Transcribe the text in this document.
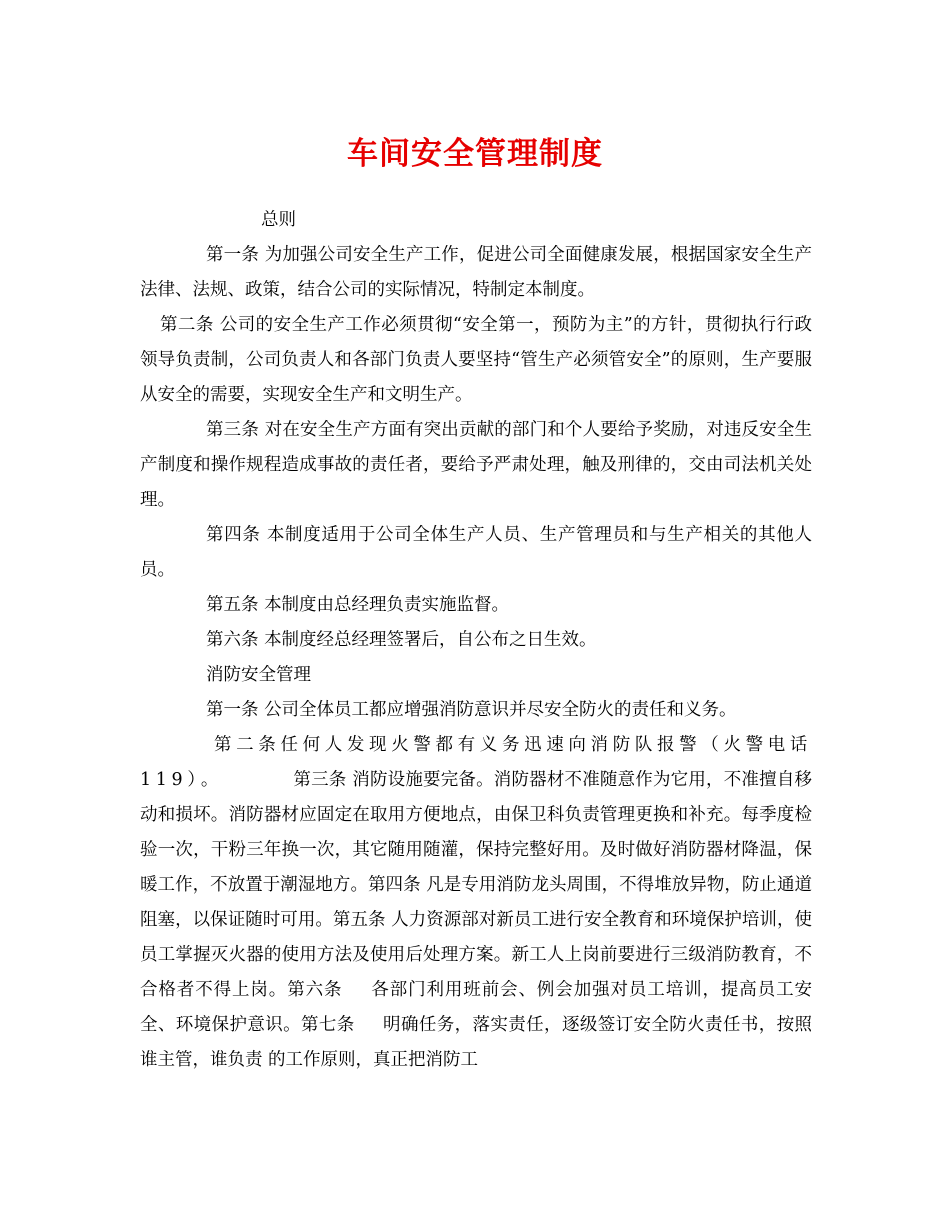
车间安全管理制度

总则

第一条 为加强公司安全生产工作，促进公司全面健康发展，根据国家安全生产法律、法规、政策，结合公司的实际情况，特制定本制度。

第二条 公司的安全生产工作必须贯彻“安全第一，预防为主”的方针，贯彻执行行政领导负责制，公司负责人和各部门负责人要坚持“管生产必须管安全”的原则，生产要服从安全的需要，实现安全生产和文明生产。

第三条 对在安全生产方面有突出贡献的部门和个人要给予奖励，对违反安全生产制度和操作规程造成事故的责任者，要给予严肃处理，触及刑律的，交由司法机关处理。

第四条 本制度适用于公司全体生产人员、生产管理员和与生产相关的其他人员。

第五条 本制度由总经理负责实施监督。

第六条 本制度经总经理签署后，自公布之日生效。

消防安全管理

第一条 公司全体员工都应增强消防意识并尽安全防火的责任和义务。

第二条任何人发现火警都有义务迅速向消防队报警（火警电话119）。	第三条 消防设施要完备。消防器材不准随意作为它用，不准擅自移动和损坏。消防器材应固定在取用方便地点，由保卫科负责管理更换和补充。每季度检验一次，干粉三年换一次，其它随用随灌，保持完整好用。及时做好消防器材降温，保暖工作，不放置于潮湿地方。第四条 凡是专用消防龙头周围，不得堆放异物，防止通道阻塞，以保证随时可用。第五条 人力资源部对新员工进行安全教育和环境保护培训，使员工掌握灭火器的使用方法及使用后处理方案。新工人上岗前要进行三级消防教育，不合格者不得上岗。第六条 各部门利用班前会、例会加强对员工培训，提高员工安全、环境保护意识。第七条 明确任务，落实责任，逐级签订安全防火责任书，按照 谁主管，谁负责 的工作原则，真正把消防工
